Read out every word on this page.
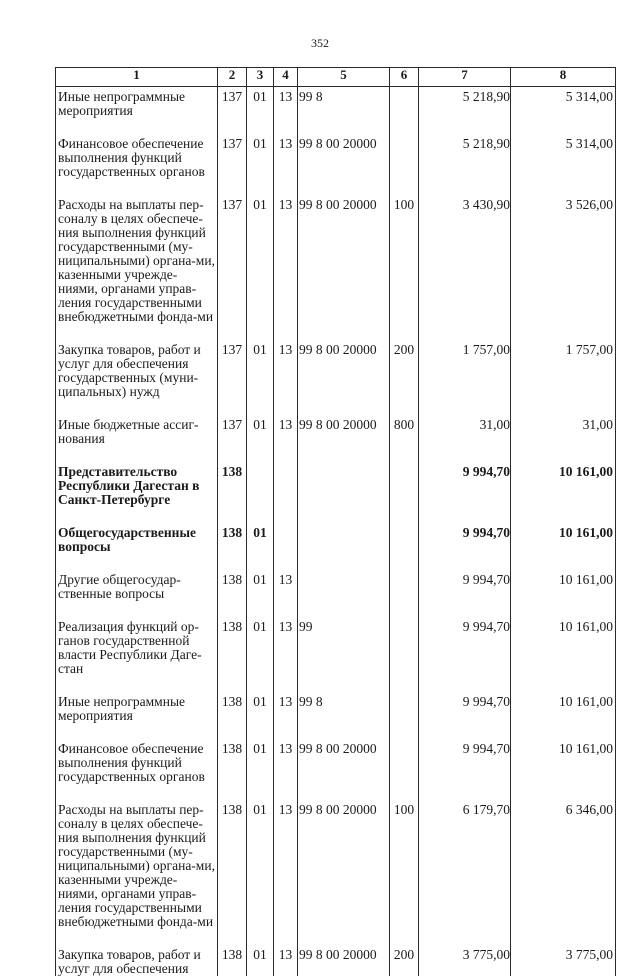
352
1	2	3	4	5	6	7	8
Иные непрограммные мероприятия	137	01	13	99 8		5 218,90	5 314,00

Финансовое обеспечение выполнения функций государственных органов	137	01	13	99 8 00 20000		5 218,90	5 314,00

Расходы на выплаты пер-соналу в целях обеспече-ния выполнения функций государственными (му-ниципальными) органа-ми, казенными учрежде-ниями, органами управ-ления государственными внебюджетными фонда-ми	137	01	13	99 8 00 20000	100	3 430,90	3 526,00

Закупка товаров, работ и услуг для обеспечения государственных (муни-ципальных) нужд	137	01	13	99 8 00 20000	200	1 757,00	1 757,00

Иные бюджетные ассиг-нования	137	01	13	99 8 00 20000	800	31,00	31,00

Представительство Республики Дагестан в Санкт-Петербурге	138					9 994,70	10 161,00

Общегосударственные вопросы	138	01				9 994,70	10 161,00

Другие общегосудар-ственные вопросы	138	01	13			9 994,70	10 161,00

Реализация функций ор-ганов государственной власти Республики Даге-стан	138	01	13	99		9 994,70	10 161,00

Иные непрограммные мероприятия	138	01	13	99 8		9 994,70	10 161,00

Финансовое обеспечение выполнения функций государственных органов	138	01	13	99 8 00 20000		9 994,70	10 161,00

Расходы на выплаты пер-соналу в целях обеспече-ния выполнения функций государственными (му-ниципальными) органа-ми, казенными учрежде-ниями, органами управ-ления государственными внебюджетными фонда-ми	138	01	13	99 8 00 20000	100	6 179,70	6 346,00

Закупка товаров, работ и услуг для обеспечения	138	01	13	99 8 00 20000	200	3 775,00	3 775,00
